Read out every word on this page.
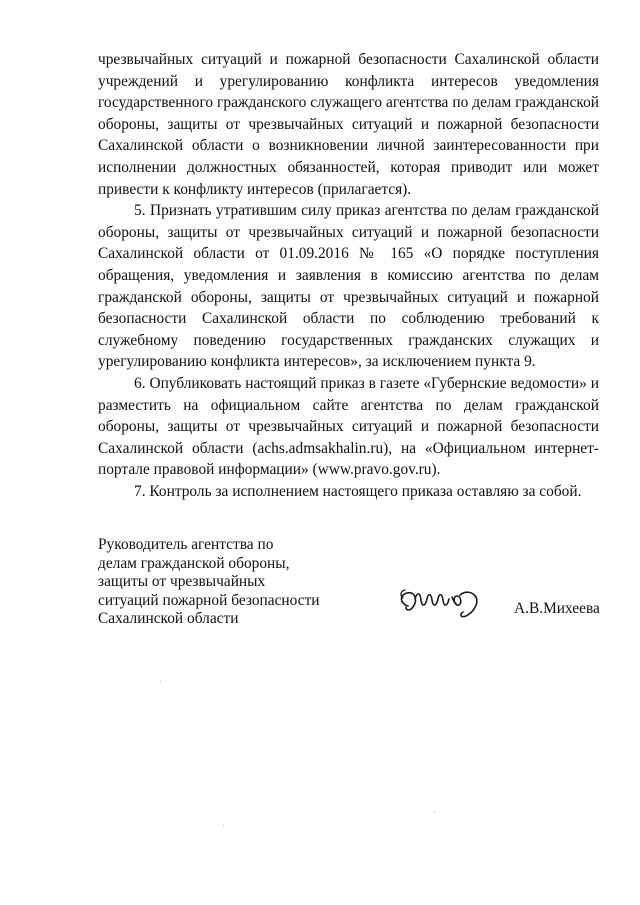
чрезвычайных ситуаций и пожарной безопасности Сахалинской области учреждений и урегулированию конфликта интересов уведомления государственного гражданского служащего агентства по делам гражданской обороны, защиты от чрезвычайных ситуаций и пожарной безопасности Сахалинской области о возникновении личной заинтересованности при исполнении должностных обязанностей, которая приводит или может привести к конфликту интересов (прилагается).

5. Признать утратившим силу приказ агентства по делам гражданской обороны, защиты от чрезвычайных ситуаций и пожарной безопасности Сахалинской области от 01.09.2016 № 165 «О порядке поступления обращения, уведомления и заявления в комиссию агентства по делам гражданской обороны, защиты от чрезвычайных ситуаций и пожарной безопасности Сахалинской области по соблюдению требований к служебному поведению государственных гражданских служащих и урегулированию конфликта интересов», за исключением пункта 9.

6. Опубликовать настоящий приказ в газете «Губернские ведомости» и разместить на официальном сайте агентства по делам гражданской обороны, защиты от чрезвычайных ситуаций и пожарной безопасности Сахалинской области (achs.admsakhalin.ru), на «Официальном интернет-портале правовой информации» (www.pravo.gov.ru).

7. Контроль за исполнением настоящего приказа оставляю за собой.

Руководитель агентства по
делам гражданской обороны,
защиты от чрезвычайных
ситуаций пожарной безопасности
Сахалинской области
А.В.Михеева
